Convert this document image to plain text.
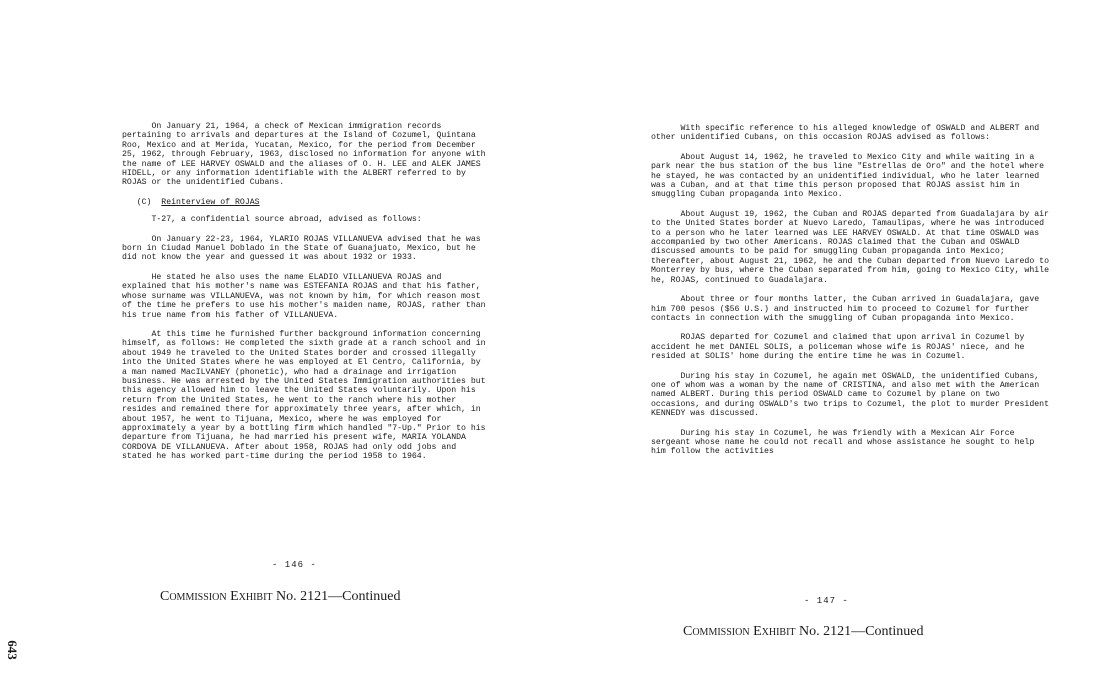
On January 21, 1964, a check of Mexican immigration records pertaining to arrivals and departures at the Island of Cozumel, Quintana Roo, Mexico and at Merida, Yucatan, Mexico, for the period from December 25, 1962, through February, 1963, disclosed no information for anyone with the name of LEE HARVEY OSWALD and the aliases of O. H. LEE and ALEK JAMES HIDELL, or any information identifiable with the ALBERT referred to by ROJAS or the unidentified Cubans.

(C) Reinterview of ROJAS

T-27, a confidential source abroad, advised as follows:

On January 22-23, 1964, YLARIO ROJAS VILLANUEVA advised that he was born in Ciudad Manuel Doblado in the State of Guanajuato, Mexico, but he did not know the year and guessed it was about 1932 or 1933.

He stated he also uses the name ELADIO VILLANUEVA ROJAS and explained that his mother's name was ESTEFANIA ROJAS and that his father, whose surname was VILLANUEVA, was not known by him, for which reason most of the time he prefers to use his mother's maiden name, ROJAS, rather than his true name from his father of VILLANUEVA.

At this time he furnished further background information concerning himself, as follows: He completed the sixth grade at a ranch school and in about 1949 he traveled to the United States border and crossed illegally into the United States where he was employed at El Centro, California, by a man named MacILVANEY (phonetic), who had a drainage and irrigation business. He was arrested by the United States Immigration authorities but this agency allowed him to leave the United States voluntarily. Upon his return from the United States, he went to the ranch where his mother resides and remained there for approximately three years, after which, in about 1957, he went to Tijuana, Mexico, where he was employed for approximately a year by a bottling firm which handled "7-Up." Prior to his departure from Tijuana, he had married his present wife, MARIA YOLANDA CORDOVA DE VILLANUEVA. After about 1958, ROJAS had only odd jobs and stated he has worked part-time during the period 1958 to 1964.

- 146 -
Commission Exhibit No. 2121—Continued
643

With specific reference to his alleged knowledge of OSWALD and ALBERT and other unidentified Cubans, on this occasion ROJAS advised as follows:

About August 14, 1962, he traveled to Mexico City and while waiting in a park near the bus station of the bus line "Estrellas de Oro" and the hotel where he stayed, he was contacted by an unidentified individual, who he later learned was a Cuban, and at that time this person proposed that ROJAS assist him in smuggling Cuban propaganda into Mexico.

About August 19, 1962, the Cuban and ROJAS departed from Guadalajara by air to the United States border at Nuevo Laredo, Tamaulipas, where he was introduced to a person who he later learned was LEE HARVEY OSWALD. At that time OSWALD was accompanied by two other Americans. ROJAS claimed that the Cuban and OSWALD discussed amounts to be paid for smuggling Cuban propaganda into Mexico; thereafter, about August 21, 1962, he and the Cuban departed from Nuevo Laredo to Monterrey by bus, where the Cuban separated from him, going to Mexico City, while he, ROJAS, continued to Guadalajara.

About three or four months latter, the Cuban arrived in Guadalajara, gave him 700 pesos ($56 U.S.) and instructed him to proceed to Cozumel for further contacts in connection with the smuggling of Cuban propaganda into Mexico.

ROJAS departed for Cozumel and claimed that upon arrival in Cozumel by accident he met DANIEL SOLIS, a policeman whose wife is ROJAS' niece, and he resided at SOLIS' home during the entire time he was in Cozumel.

During his stay in Cozumel, he again met OSWALD, the unidentified Cubans, one of whom was a woman by the name of CRISTINA, and also met with the American named ALBERT. During this period OSWALD came to Cozumel by plane on two occasions, and during OSWALD's two trips to Cozumel, the plot to murder President KENNEDY was discussed.

During his stay in Cozumel, he was friendly with a Mexican Air Force sergeant whose name he could not recall and whose assistance he sought to help him follow the activities

- 147 -
Commission Exhibit No. 2121—Continued
